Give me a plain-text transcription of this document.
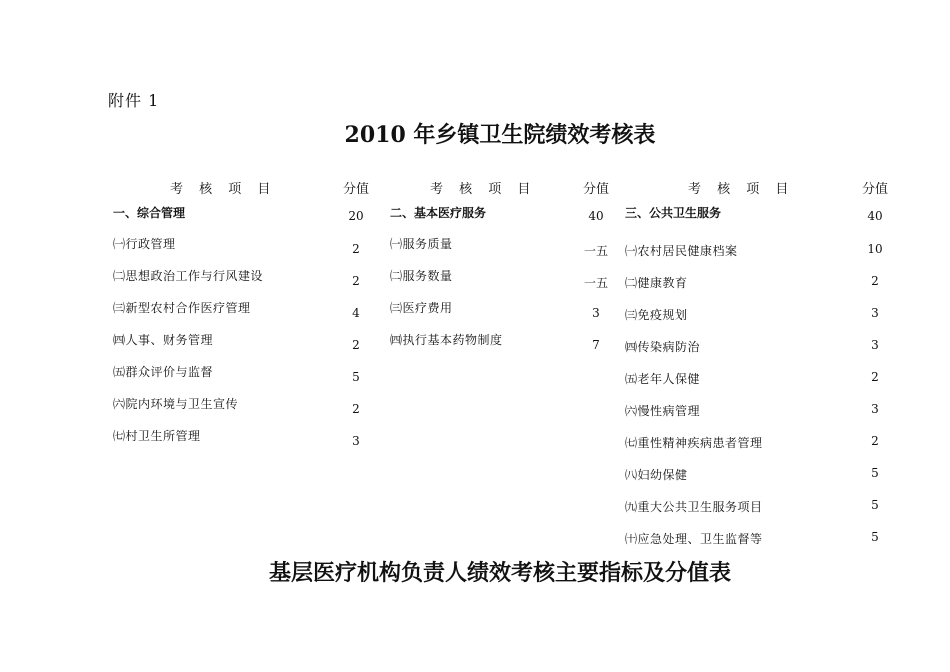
附件 1
2010 年乡镇卫生院绩效考核表
考 核 项 目	分值
一、综合管理	20
㈠行政管理	2
㈡思想政治工作与行风建设	2
㈢新型农村合作医疗管理	4
㈣人事、财务管理	2
㈤群众评价与监督	5
㈥院内环境与卫生宣传	2
㈦村卫生所管理	3
考 核 项 目	分值
二、基本医疗服务	40
㈠服务质量	一五
㈡服务数量	一五
㈢医疗费用	3
㈣执行基本药物制度	7
考 核 项 目	分值
三、公共卫生服务	40
㈠农村居民健康档案	10
㈡健康教育	2
㈢免疫规划	3
㈣传染病防治	3
㈤老年人保健	2
㈥慢性病管理	3
㈦重性精神疾病患者管理	2
㈧妇幼保健	5
㈨重大公共卫生服务项目	5
㈩应急处理、卫生监督等	5
基层医疗机构负责人绩效考核主要指标及分值表
